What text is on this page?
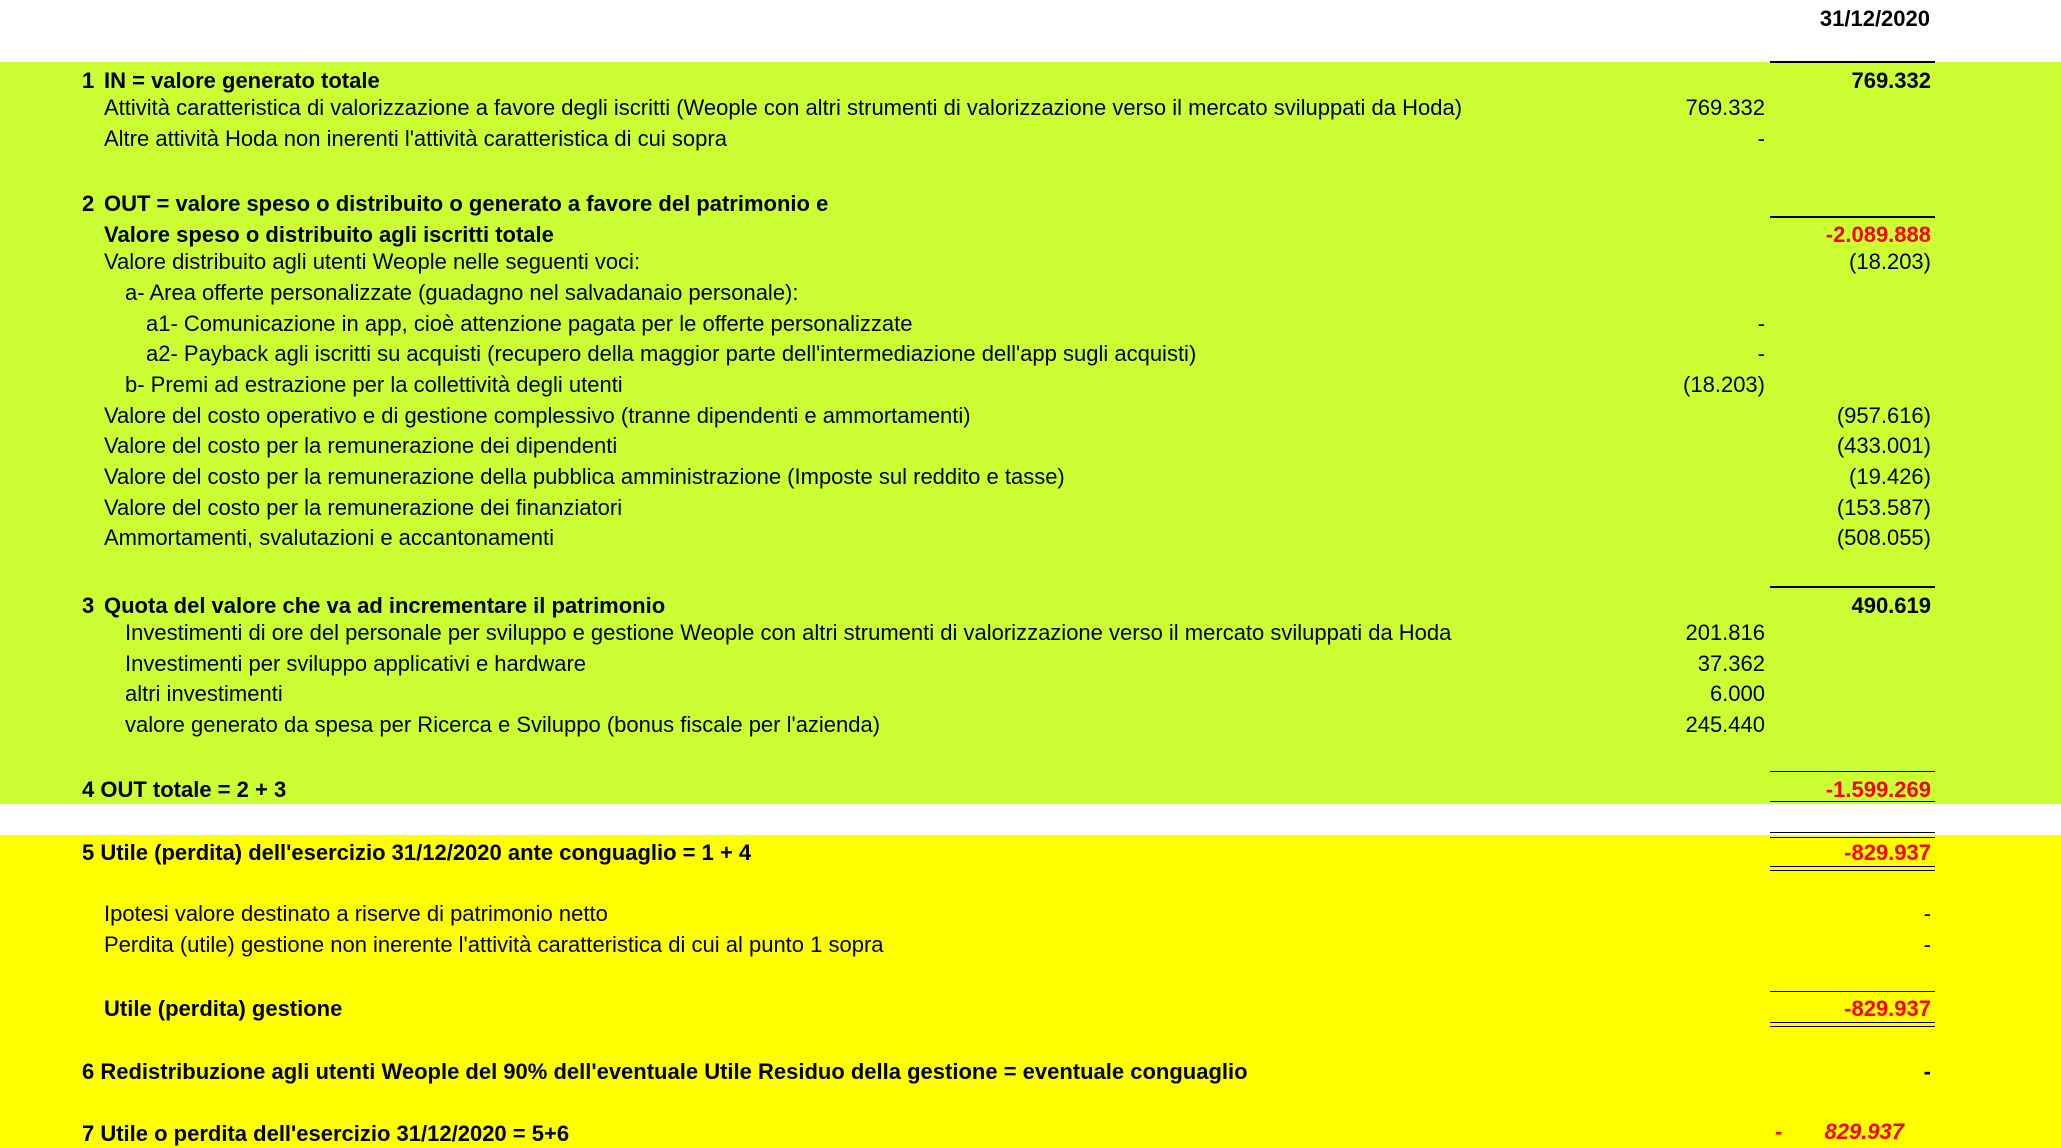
31/12/2020
1 IN = valore generato totale	769.332
Attività caratteristica di valorizzazione a favore degli iscritti (Weople con altri strumenti di valorizzazione verso il mercato sviluppati da Hoda)	769.332
Altre attività Hoda non inerenti l'attività caratteristica di cui sopra	-
2 OUT = valore speso o distribuito o generato a favore del patrimonio e
Valore speso o distribuito agli iscritti totale	-2.089.888
Valore distribuito agli utenti Weople nelle seguenti voci:	(18.203)
a- Area offerte personalizzate (guadagno nel salvadanaio personale):
a1- Comunicazione in app, cioè attenzione pagata per le offerte personalizzate	-
a2- Payback agli iscritti su acquisti (recupero della maggior parte dell'intermediazione dell'app sugli acquisti)	-
b- Premi ad estrazione per la collettività degli utenti	(18.203)
Valore del costo operativo e di gestione complessivo (tranne dipendenti e ammortamenti)	(957.616)
Valore del costo per la remunerazione dei dipendenti	(433.001)
Valore del costo per la remunerazione della pubblica amministrazione (Imposte sul reddito e tasse)	(19.426)
Valore del costo per la remunerazione dei finanziatori	(153.587)
Ammortamenti, svalutazioni e accantonamenti	(508.055)
3 Quota del valore che va ad incrementare il patrimonio	490.619
Investimenti di ore del personale per sviluppo e gestione Weople con altri strumenti di valorizzazione verso il mercato sviluppati da Hoda	201.816
Investimenti per sviluppo applicativi e hardware	37.362
altri investimenti	6.000
valore generato da spesa per Ricerca e Sviluppo (bonus fiscale per l'azienda)	245.440
4 OUT totale = 2 + 3	-1.599.269
5 Utile (perdita) dell'esercizio 31/12/2020 ante conguaglio = 1 + 4	-829.937
Ipotesi valore destinato a riserve di patrimonio netto	-
Perdita (utile) gestione non inerente l'attività caratteristica di cui al punto 1 sopra	-
Utile (perdita) gestione	-829.937
6 Redistribuzione agli utenti Weople del 90% dell'eventuale Utile Residuo della gestione = eventuale conguaglio	-
7 Utile o perdita dell'esercizio 31/12/2020 = 5+6	-	829.937
